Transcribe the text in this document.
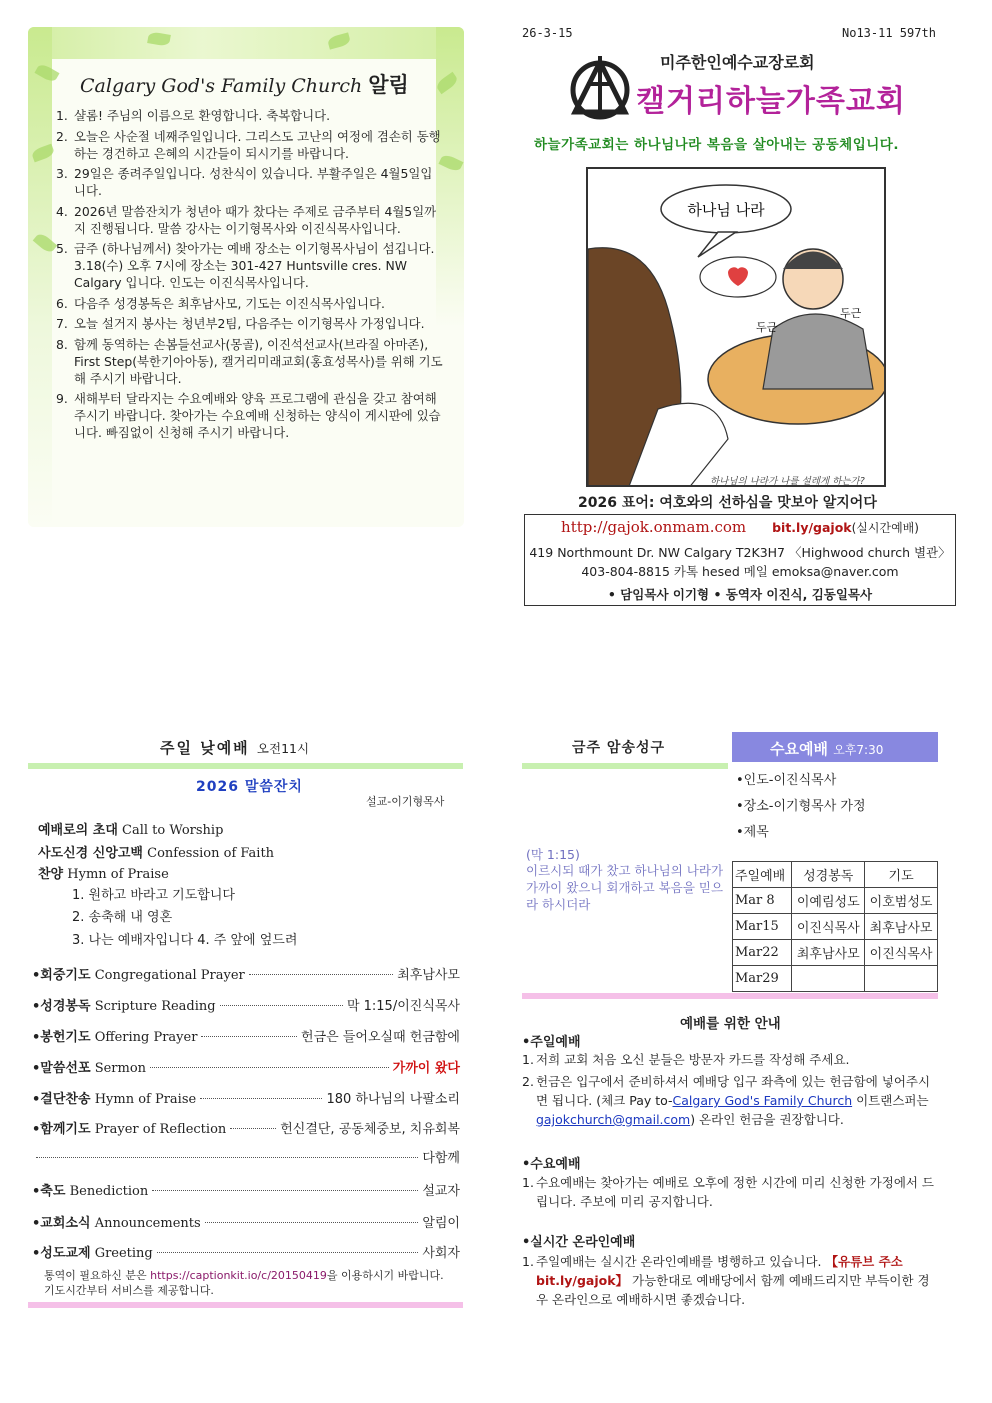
Calgary God's Family Church 알림
1. 샬롬! 주님의 이름으로 환영합니다. 축복합니다.
2. 오늘은 사순절 네째주일입니다. 그리스도 고난의 여정에 겸손히 동행하는 경건하고 은혜의 시간들이 되시기를 바랍니다.
3. 29일은 종려주일입니다. 성찬식이 있습니다. 부활주일은 4월5일입니다.
4. 2026년 말씀잔치가 청년아 때가 찼다는 주제로 금주부터 4월5일까지 진행됩니다. 말씀 강사는 이기형목사와 이진식목사입니다.
5. 금주 (하나님께서) 찾아가는 예배 장소는 이기형목사님이 섬깁니다. 3.18(수) 오후 7시에 장소는 301-427 Huntsville cres. NW Calgary 입니다. 인도는 이진식목사입니다.
6. 다음주 성경봉독은 최후남사모, 기도는 이진식목사입니다.
7. 오늘 설거지 봉사는 청년부2팀, 다음주는 이기형목사 가정입니다.
8. 함께 동역하는 손봄들선교사(몽골), 이진석선교사(브라질 아마존), First Step(북한기아아동), 캘거리미래교회(홍효성목사)를 위해 기도해 주시기 바랍니다.
9. 새해부터 달라지는 수요예배와 양육 프로그램에 관심을 갖고 참여해 주시기 바랍니다. 찾아가는 수요예배 신청하는 양식이 게시판에 있습니다. 빠짐없이 신청해 주시기 바랍니다.
26-3-15	No13-11 597th
미주한인예수교장로회
캘거리하늘가족교회
하늘가족교회는 하나님나라 복음을 살아내는 공동체입니다.
하나님 나라
두근
두근
하나님의 나라가 나를 설레게 하는가?
2026 표어: 여호와의 선하심을 맛보아 알지어다
http://gajok.onmam.com bit.ly/gajok(실시간예배)
419 Northmount Dr. NW Calgary T2K3H7 〈Highwood church 별관〉
403-804-8815 카톡 hesed 메일 emoksa@naver.com
• 담임목사 이기형 • 동역자 이진식, 김동일목사
주일 낮예배 오전11시
2026 말씀잔치
설교-이기형목사
예배로의 초대 Call to Worship
사도신경 신앙고백 Confession of Faith
찬양 Hymn of Praise
1. 원하고 바라고 기도합니다
2. 송축해 내 영혼
3. 나는 예배자입니다 4. 주 앞에 엎드려
•회중기도 Congregational Prayer	최후남사모
•성경봉독 Scripture Reading	막 1:15/이진식목사
•봉헌기도 Offering Prayer	헌금은 들어오실때 헌금함에
•말씀선포 Sermon	가까이 왔다
•결단찬송 Hymn of Praise	180 하나님의 나팔소리
•함께기도 Prayer of Reflection	헌신결단, 공동체중보, 치유회복
다함께
•축도 Benediction	설교자
•교회소식 Announcements	알림이
•성도교제 Greeting	사회자
통역이 필요하신 분은 https://captionkit.io/c/20150419을 이용하시기 바랍니다. 기도시간부터 서비스를 제공합니다.
금주 암송성구
(막 1:15)
이르시되 때가 찼고 하나님의 나라가 가까이 왔으니 회개하고 복음을 믿으라 하시더라
수요예배 오후7:30
•인도-이진식목사
•장소-이기형목사 가정
•제목
주일예배	성경봉독	기도
Mar 8	이예림성도	이호범성도
Mar15	이진식목사	최후남사모
Mar22	최후남사모	이진식목사
Mar29		
예배를 위한 안내
•주일예배
1. 저희 교회 처음 오신 분들은 방문자 카드를 작성해 주세요.
2. 헌금은 입구에서 준비하셔서 예배당 입구 좌측에 있는 헌금함에 넣어주시면 됩니다. (체크 Pay to-Calgary God's Family Church 이트랜스퍼는 gajokchurch@gmail.com) 온라인 헌금을 권장합니다.
•수요예배
1. 수요예배는 찾아가는 예배로 오후에 정한 시간에 미리 신청한 가정에서 드립니다. 주보에 미리 공지합니다.
•실시간 온라인예배
1. 주일예배는 실시간 온라인예배를 병행하고 있습니다. 【유튜브 주소 bit.ly/gajok】 가능한대로 예배당에서 함께 예배드리지만 부득이한 경우 온라인으로 예배하시면 좋겠습니다.
